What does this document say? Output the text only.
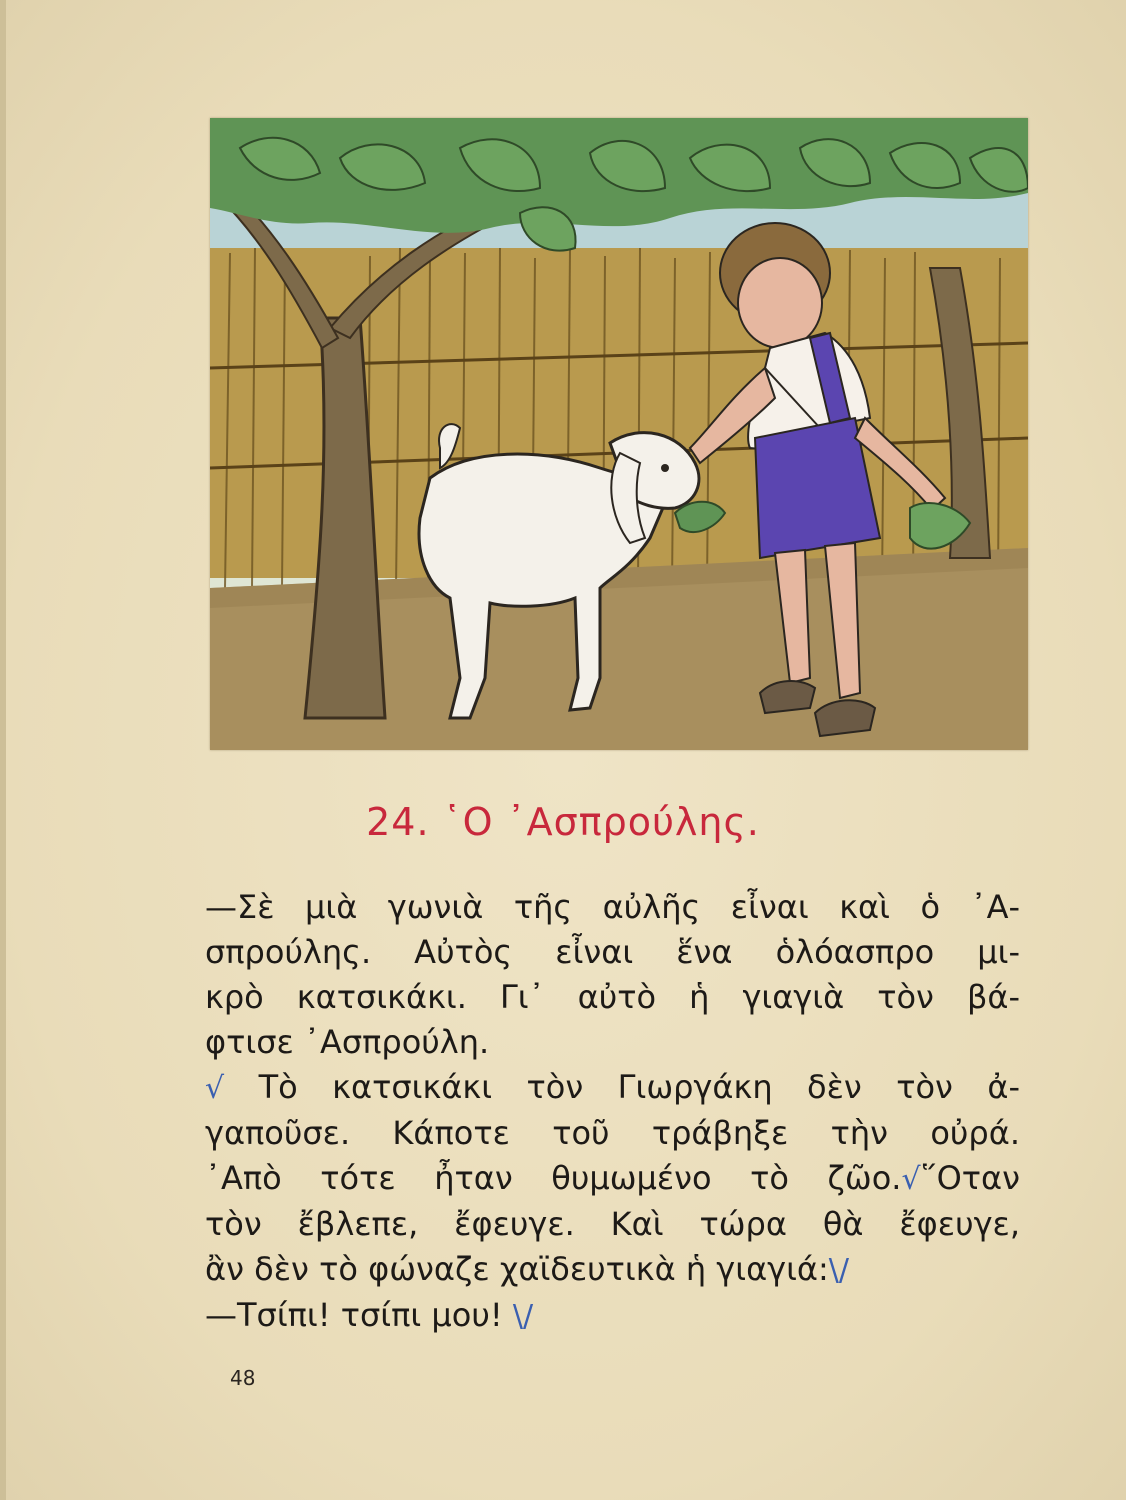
24. ῾Ο ᾿Ασπρούλης.

—Σὲ μιὰ γωνιὰ τῆς αὐλῆς εἶναι καὶ ὁ ᾿Α-
σπρούλης. Αὐτὸς εἶναι ἕνα ὁλόασπρο μι-
κρὸ κατσικάκι. Γι᾿ αὐτὸ ἡ γιαγιὰ τὸν βά-
φτισε ᾿Ασπρούλη.

√ Τὸ κατσικάκι τὸν Γιωργάκη δὲν τὸν ἀ-
γαποῦσε. Κάποτε τοῦ τράβηξε τὴν οὐρά.
᾿Απὸ τότε ἦταν θυμωμένο τὸ ζῶο.√῞Οταν
τὸν ἔβλεπε, ἔφευγε. Καὶ τώρα θὰ ἔφευγε,
ἂν δὲν τὸ φώναζε χαϊδευτικὰ ἡ γιαγιά:\/

—Τσίπι! τσίπι μου! \/

48
